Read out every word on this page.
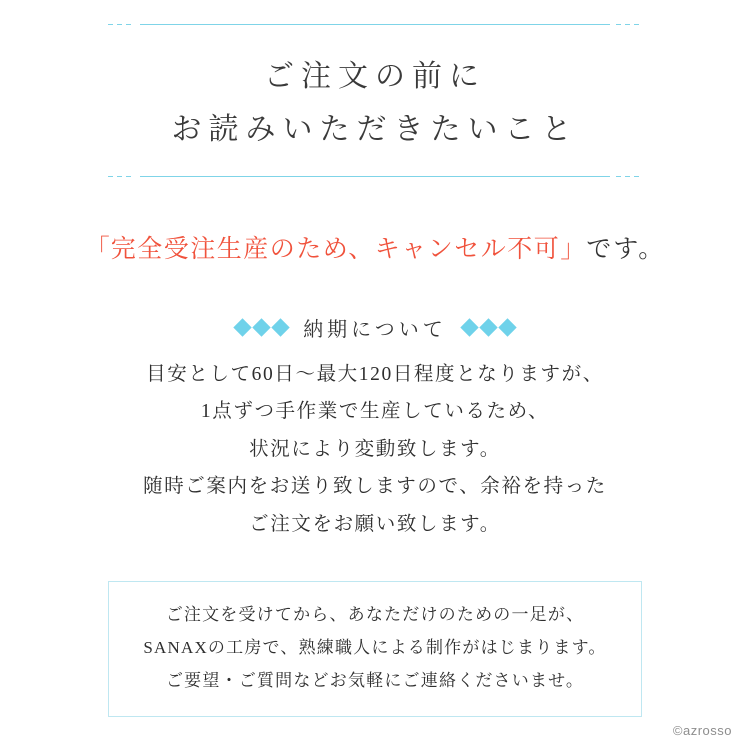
ご注文の前に
お読みいただきたいこと
「完全受注生産のため、キャンセル不可」です。
納期について
目安として60日〜最大120日程度となりますが、
1点ずつ手作業で生産しているため、
状況により変動致します。
随時ご案内をお送り致しますので、余裕を持った
ご注文をお願い致します。
ご注文を受けてから、あなただけのための一足が、
SANAXの工房で、熟練職人による制作がはじまります。
ご要望・ご質問などお気軽にご連絡くださいませ。
©azrosso
